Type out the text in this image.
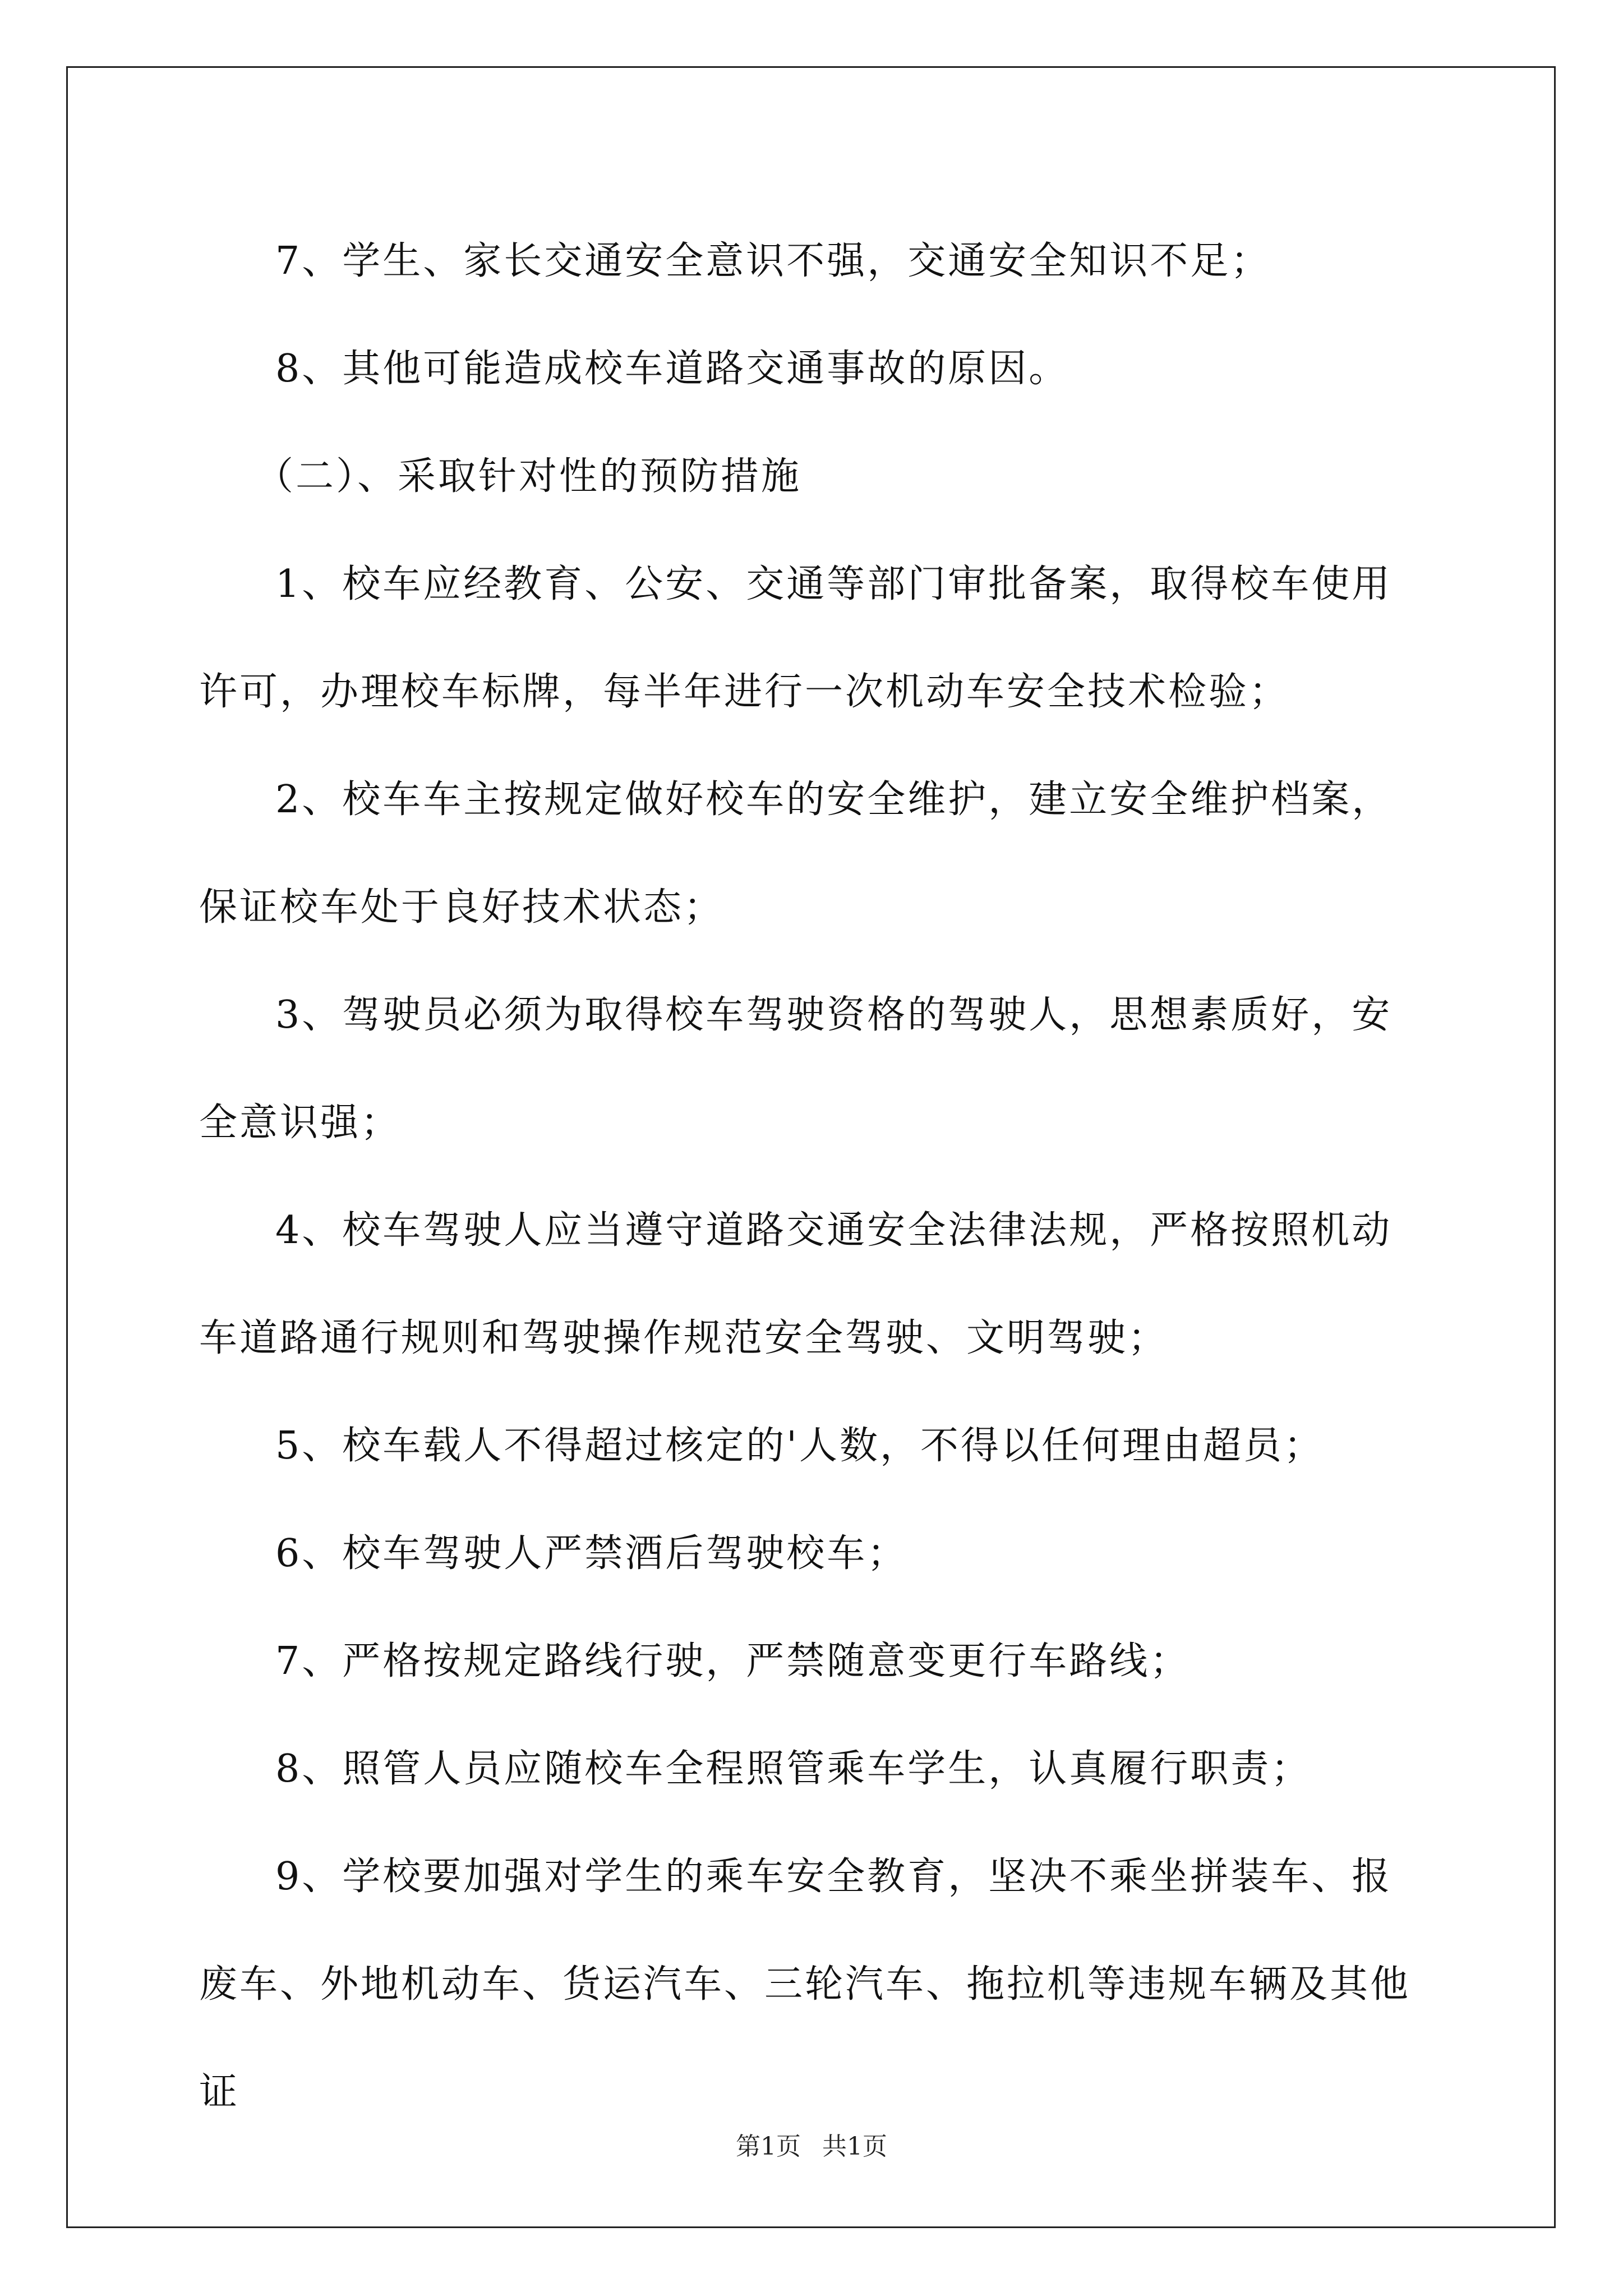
7、学生、家长交通安全意识不强，交通安全知识不足；

8、其他可能造成校车道路交通事故的原因。

（二）、采取针对性的预防措施

1、校车应经教育、公安、交通等部门审批备案，取得校车使用许可，办理校车标牌，每半年进行一次机动车安全技术检验；

2、校车车主按规定做好校车的安全维护，建立安全维护档案，保证校车处于良好技术状态；

3、驾驶员必须为取得校车驾驶资格的驾驶人，思想素质好，安全意识强；

4、校车驾驶人应当遵守道路交通安全法律法规，严格按照机动车道路通行规则和驾驶操作规范安全驾驶、文明驾驶；

5、校车载人不得超过核定的'人数，不得以任何理由超员；

6、校车驾驶人严禁酒后驾驶校车；

7、严格按规定路线行驶，严禁随意变更行车路线；

8、照管人员应随校车全程照管乘车学生，认真履行职责；

9、学校要加强对学生的乘车安全教育，坚决不乘坐拼装车、报废车、外地机动车、货运汽车、三轮汽车、拖拉机等违规车辆及其他证

第1页 共1页
